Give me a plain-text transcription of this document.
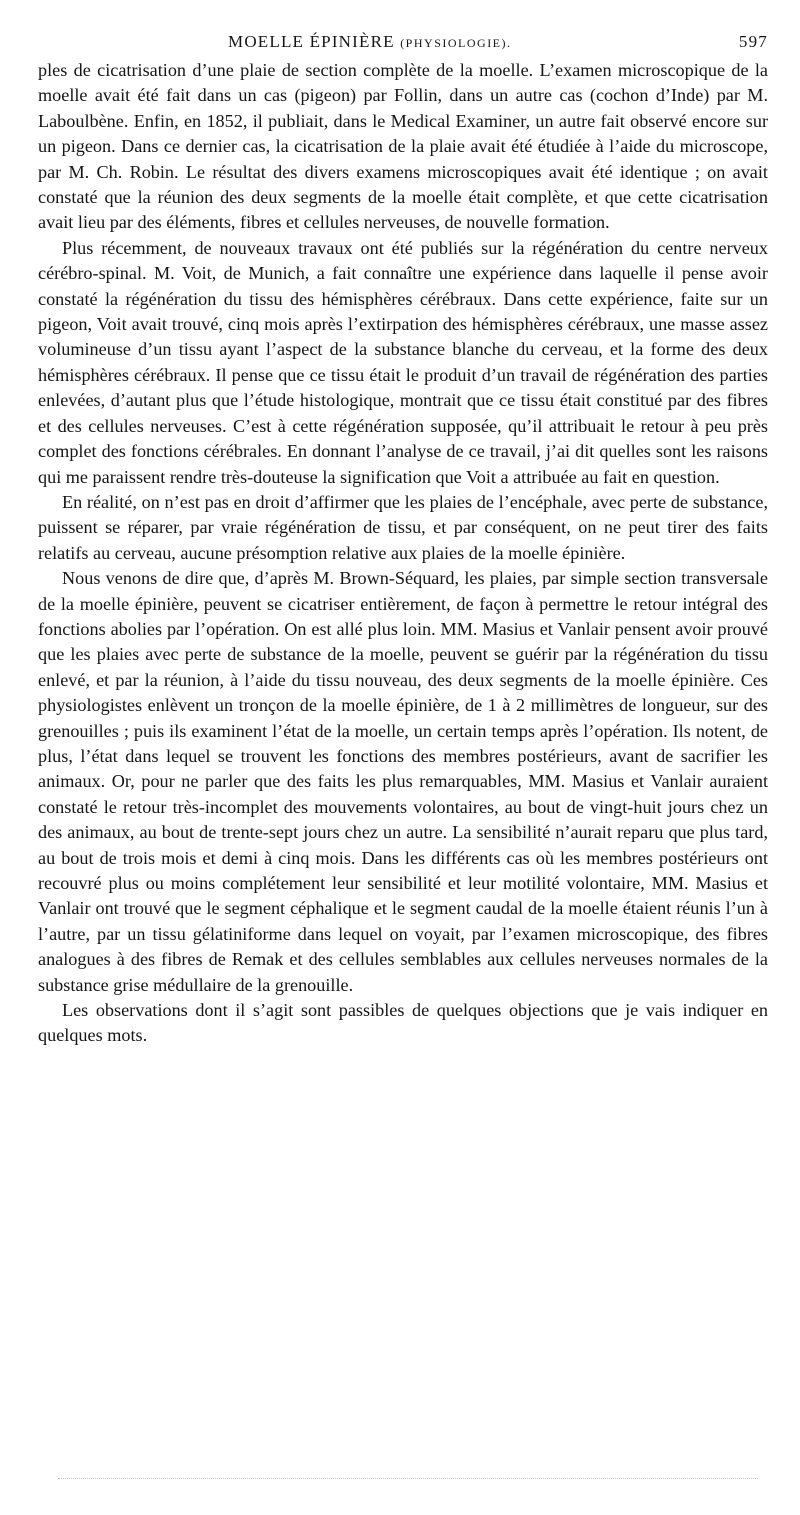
MOELLE ÉPINIÈRE (PHYSIOLOGIE).	597

ples de cicatrisation d’une plaie de section complète de la moelle. L’examen microscopique de la moelle avait été fait dans un cas (pigeon) par Follin, dans un autre cas (cochon d’Inde) par M. Laboulbène. Enfin, en 1852, il publiait, dans le Medical Examiner, un autre fait observé encore sur un pigeon. Dans ce dernier cas, la cicatrisation de la plaie avait été étudiée à l’aide du microscope, par M. Ch. Robin. Le résultat des divers examens microscopiques avait été identique ; on avait constaté que la réunion des deux segments de la moelle était complète, et que cette cicatrisation avait lieu par des éléments, fibres et cellules nerveuses, de nouvelle formation.

Plus récemment, de nouveaux travaux ont été publiés sur la régénération du centre nerveux cérébro-spinal. M. Voit, de Munich, a fait connaître une expérience dans laquelle il pense avoir constaté la régénération du tissu des hémisphères cérébraux. Dans cette expérience, faite sur un pigeon, Voit avait trouvé, cinq mois après l’extirpation des hémisphères cérébraux, une masse assez volumineuse d’un tissu ayant l’aspect de la substance blanche du cerveau, et la forme des deux hémisphères cérébraux. Il pense que ce tissu était le produit d’un travail de régénération des parties enlevées, d’autant plus que l’étude histologique, montrait que ce tissu était constitué par des fibres et des cellules nerveuses. C’est à cette régénération supposée, qu’il attribuait le retour à peu près complet des fonctions cérébrales. En donnant l’analyse de ce travail, j’ai dit quelles sont les raisons qui me paraissent rendre très-douteuse la signification que Voit a attribuée au fait en question.

En réalité, on n’est pas en droit d’affirmer que les plaies de l’encéphale, avec perte de substance, puissent se réparer, par vraie régénération de tissu, et par conséquent, on ne peut tirer des faits relatifs au cerveau, aucune présomption relative aux plaies de la moelle épinière.

Nous venons de dire que, d’après M. Brown-Séquard, les plaies, par simple section transversale de la moelle épinière, peuvent se cicatriser entièrement, de façon à permettre le retour intégral des fonctions abolies par l’opération. On est allé plus loin. MM. Masius et Vanlair pensent avoir prouvé que les plaies avec perte de substance de la moelle, peuvent se guérir par la régénération du tissu enlevé, et par la réunion, à l’aide du tissu nouveau, des deux segments de la moelle épinière. Ces physiologistes enlèvent un tronçon de la moelle épinière, de 1 à 2 millimètres de longueur, sur des grenouilles ; puis ils examinent l’état de la moelle, un certain temps après l’opération. Ils notent, de plus, l’état dans lequel se trouvent les fonctions des membres postérieurs, avant de sacrifier les animaux. Or, pour ne parler que des faits les plus remarquables, MM. Masius et Vanlair auraient constaté le retour très-incomplet des mouvements volontaires, au bout de vingt-huit jours chez un des animaux, au bout de trente-sept jours chez un autre. La sensibilité n’aurait reparu que plus tard, au bout de trois mois et demi à cinq mois. Dans les différents cas où les membres postérieurs ont recouvré plus ou moins complétement leur sensibilité et leur motilité volontaire, MM. Masius et Vanlair ont trouvé que le segment céphalique et le segment caudal de la moelle étaient réunis l’un à l’autre, par un tissu gélatiniforme dans lequel on voyait, par l’examen microscopique, des fibres analogues à des fibres de Remak et des cellules semblables aux cellules nerveuses normales de la substance grise médullaire de la grenouille.

Les observations dont il s’agit sont passibles de quelques objections que je vais indiquer en quelques mots.
